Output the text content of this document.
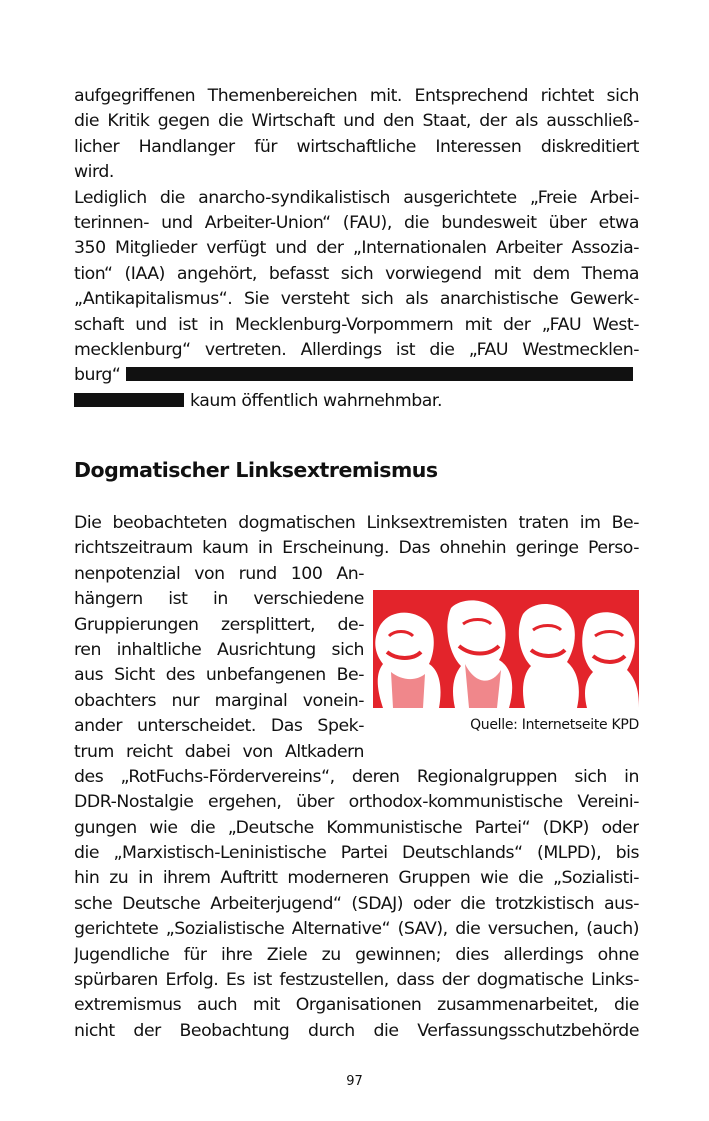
aufgegriffenen Themenbereichen mit. Entsprechend richtet sich
die Kritik gegen die Wirtschaft und den Staat, der als ausschließ-
licher Handlanger für wirtschaftliche Interessen diskreditiert
wird.
Lediglich die anarcho-syndikalistisch ausgerichtete „Freie Arbei-
terinnen- und Arbeiter-Union“ (FAU), die bundesweit über etwa
350 Mitglieder verfügt und der „Internationalen Arbeiter Assozia-
tion“ (IAA) angehört, befasst sich vorwiegend mit dem Thema
„Antikapitalismus“. Sie versteht sich als anarchistische Gewerk-
schaft und ist in Mecklenburg-Vorpommern mit der „FAU West-
mecklenburg“ vertreten. Allerdings ist die „FAU Westmecklen-
burg“
kaum öffentlich wahrnehmbar.
Dogmatischer Linksextremismus
Die beobachteten dogmatischen Linksextremisten traten im Be-
richtszeitraum kaum in Erscheinung. Das ohnehin geringe Perso-
nenpotenzial von rund 100 An-
hängern ist in verschiedene
Gruppierungen zersplittert, de-
ren inhaltliche Ausrichtung sich
aus Sicht des unbefangenen Be-
obachters nur marginal vonein-
ander unterscheidet. Das Spek-
trum reicht dabei von Altkadern
des „RotFuchs-Fördervereins“, deren Regionalgruppen sich in
DDR-Nostalgie ergehen, über orthodox-kommunistische Vereini-
gungen wie die „Deutsche Kommunistische Partei“ (DKP) oder
die „Marxistisch-Leninistische Partei Deutschlands“ (MLPD), bis
hin zu in ihrem Auftritt moderneren Gruppen wie die „Sozialisti-
sche Deutsche Arbeiterjugend“ (SDAJ) oder die trotzkistisch aus-
gerichtete „Sozialistische Alternative“ (SAV), die versuchen, (auch)
Jugendliche für ihre Ziele zu gewinnen; dies allerdings ohne
spürbaren Erfolg. Es ist festzustellen, dass der dogmatische Links-
extremismus auch mit Organisationen zusammenarbeitet, die
nicht der Beobachtung durch die Verfassungsschutzbehörde
Quelle: Internetseite KPD
97
